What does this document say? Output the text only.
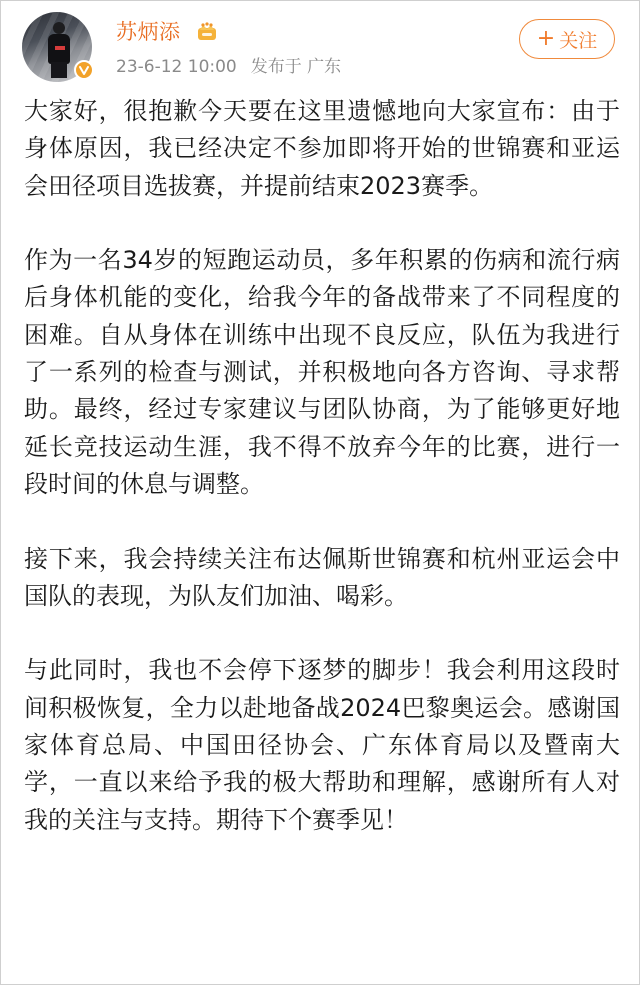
苏炳添
23-6-12 10:00 发布于 广东
+ 关注

大家好，很抱歉今天要在这里遗憾地向大家宣布：由于身体原因，我已经决定不参加即将开始的世锦赛和亚运会田径项目选拔赛，并提前结束2023赛季。

作为一名34岁的短跑运动员，多年积累的伤病和流行病后身体机能的变化，给我今年的备战带来了不同程度的困难。自从身体在训练中出现不良反应，队伍为我进行了一系列的检查与测试，并积极地向各方咨询、寻求帮助。最终，经过专家建议与团队协商，为了能够更好地延长竞技运动生涯，我不得不放弃今年的比赛，进行一段时间的休息与调整。

接下来，我会持续关注布达佩斯世锦赛和杭州亚运会中国队的表现，为队友们加油、喝彩。

与此同时，我也不会停下逐梦的脚步！我会利用这段时间积极恢复，全力以赴地备战2024巴黎奥运会。感谢国家体育总局、中国田径协会、广东体育局以及暨南大学，一直以来给予我的极大帮助和理解，感谢所有人对我的关注与支持。期待下个赛季见！
